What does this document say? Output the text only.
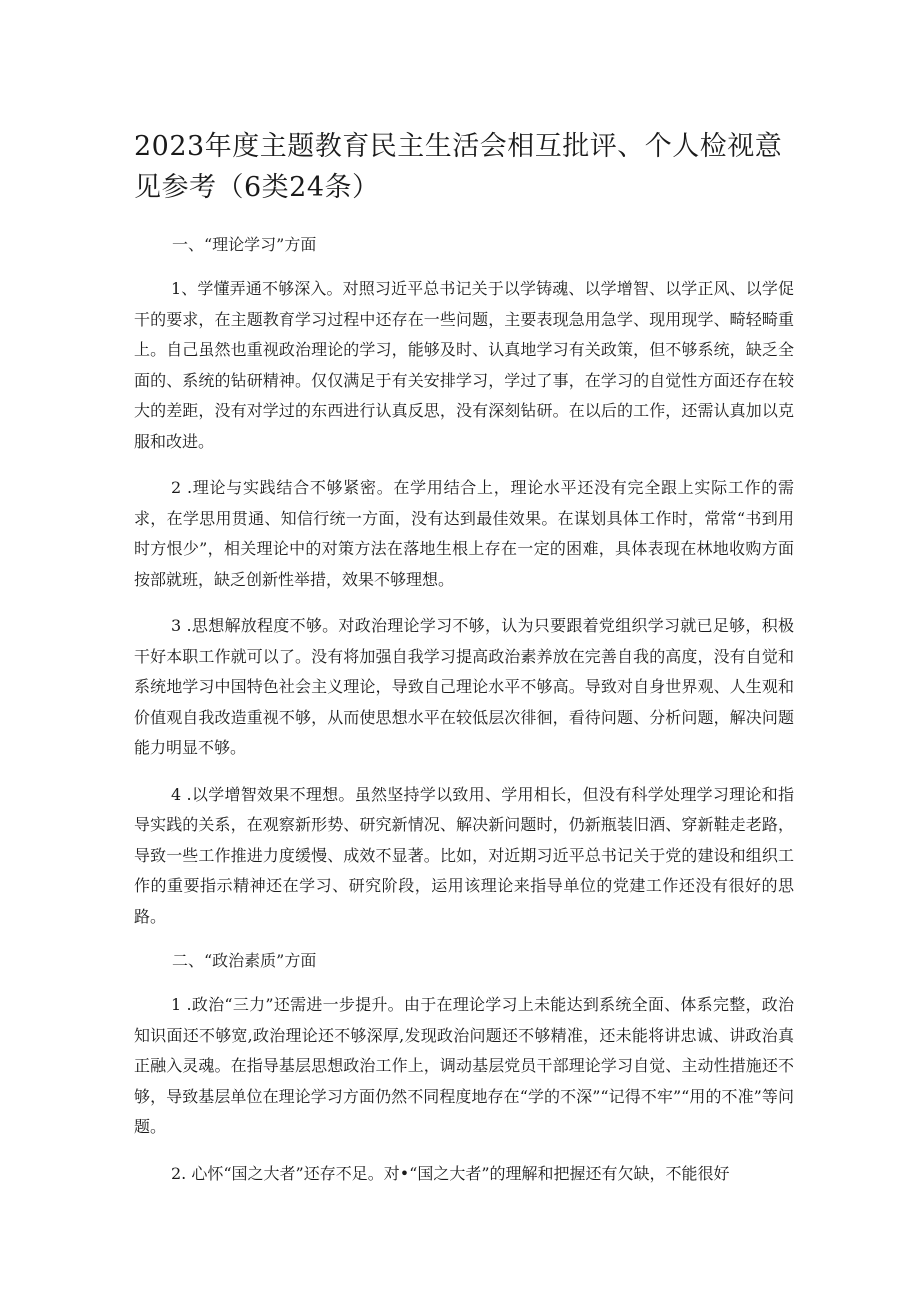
2023年度主题教育民主生活会相互批评、个人检视意见参考（6类24条）

一、“理论学习”方面

1、学懂弄通不够深入。对照习近平总书记关于以学铸魂、以学增智、以学正风、以学促干的要求，在主题教育学习过程中还存在一些问题，主要表现急用急学、现用现学、畸轻畸重上。自己虽然也重视政治理论的学习，能够及时、认真地学习有关政策，但不够系统，缺乏全面的、系统的钻研精神。仅仅满足于有关安排学习，学过了事，在学习的自觉性方面还存在较大的差距，没有对学过的东西进行认真反思，没有深刻钻研。在以后的工作，还需认真加以克服和改进。

2 .理论与实践结合不够紧密。在学用结合上，理论水平还没有完全跟上实际工作的需求，在学思用贯通、知信行统一方面，没有达到最佳效果。在谋划具体工作时，常常“书到用时方恨少”，相关理论中的对策方法在落地生根上存在一定的困难，具体表现在林地收购方面按部就班，缺乏创新性举措，效果不够理想。

3 .思想解放程度不够。对政治理论学习不够，认为只要跟着党组织学习就已足够，积极干好本职工作就可以了。没有将加强自我学习提高政治素养放在完善自我的高度，没有自觉和系统地学习中国特色社会主义理论，导致自己理论水平不够高。导致对自身世界观、人生观和价值观自我改造重视不够，从而使思想水平在较低层次徘徊，看待问题、分析问题，解决问题能力明显不够。

4 .以学增智效果不理想。虽然坚持学以致用、学用相长，但没有科学处理学习理论和指导实践的关系，在观察新形势、研究新情况、解决新问题时，仍新瓶装旧酒、穿新鞋走老路，导致一些工作推进力度缓慢、成效不显著。比如，对近期习近平总书记关于党的建设和组织工作的重要指示精神还在学习、研究阶段，运用该理论来指导单位的党建工作还没有很好的思路。

二、“政治素质”方面

1 .政治“三力”还需进一步提升。由于在理论学习上未能达到系统全面、体系完整，政治知识面还不够宽,政治理论还不够深厚,发现政治问题还不够精准，还未能将讲忠诚、讲政治真正融入灵魂。在指导基层思想政治工作上，调动基层党员干部理论学习自觉、主动性措施还不够，导致基层单位在理论学习方面仍然不同程度地存在“学的不深”“记得不牢”“用的不准”等问题。

2. 心怀“国之大者”还存不足。对•“国之大者”的理解和把握还有欠缺，不能很好
